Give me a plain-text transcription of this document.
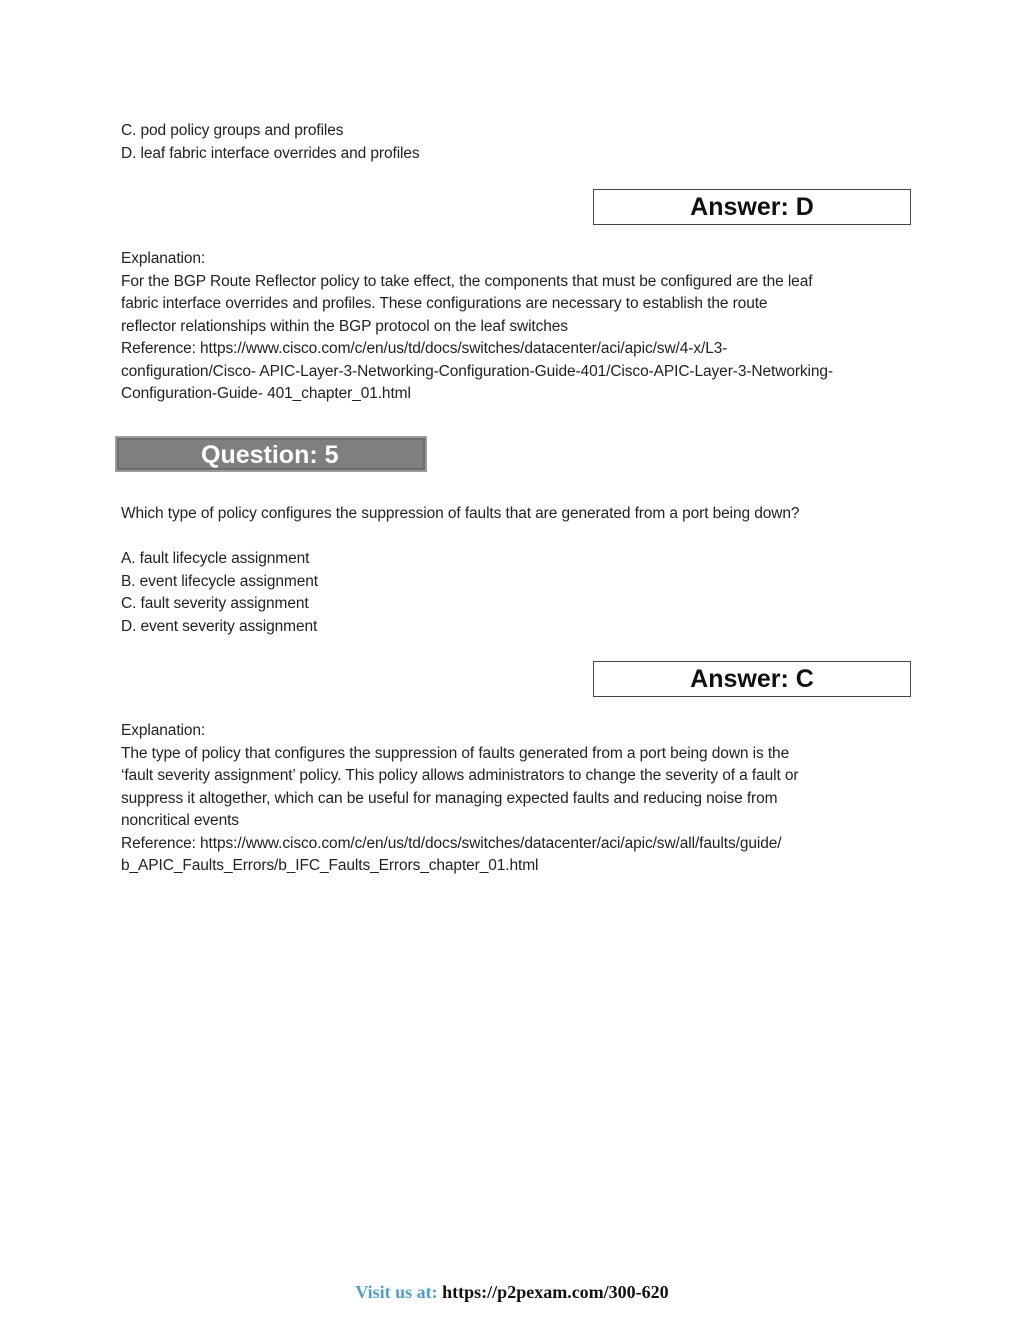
C. pod policy groups and profiles
D. leaf fabric interface overrides and profiles
Answer: D
Explanation:
For the BGP Route Reflector policy to take effect, the components that must be configured are the leaf
fabric interface overrides and profiles. These configurations are necessary to establish the route
reflector relationships within the BGP protocol on the leaf switches
Reference: https://www.cisco.com/c/en/us/td/docs/switches/datacenter/aci/apic/sw/4-x/L3-
configuration/Cisco- APIC-Layer-3-Networking-Configuration-Guide-401/Cisco-APIC-Layer-3-Networking-
Configuration-Guide- 401_chapter_01.html
Question: 5
Which type of policy configures the suppression of faults that are generated from a port being down?
A. fault lifecycle assignment
B. event lifecycle assignment
C. fault severity assignment
D. event severity assignment
Answer: C
Explanation:
The type of policy that configures the suppression of faults generated from a port being down is the
‘fault severity assignment’ policy. This policy allows administrators to change the severity of a fault or
suppress it altogether, which can be useful for managing expected faults and reducing noise from
noncritical events
Reference: https://www.cisco.com/c/en/us/td/docs/switches/datacenter/aci/apic/sw/all/faults/guide/
b_APIC_Faults_Errors/b_IFC_Faults_Errors_chapter_01.html
Visit us at: https://p2pexam.com/300-620
